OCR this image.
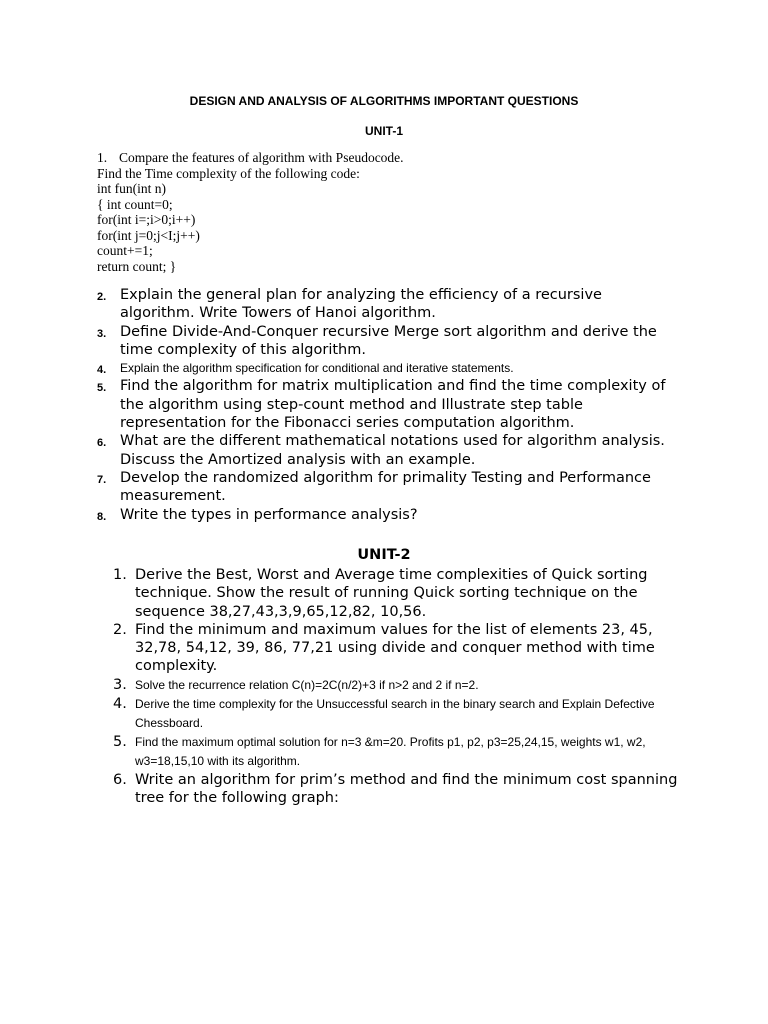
DESIGN AND ANALYSIS OF ALGORITHMS IMPORTANT QUESTIONS
UNIT-1
1. Compare the features of algorithm with Pseudocode.
Find the Time complexity of the following code:
int fun(int n)
{ int count=0;
for(int i=;i>0;i++)
for(int j=0;j<I;j++)
count+=1;
return count; }
2. Explain the general plan for analyzing the efficiency of a recursive algorithm. Write Towers of Hanoi algorithm.
3. Define Divide-And-Conquer recursive Merge sort algorithm and derive the time complexity of this algorithm.
4. Explain the algorithm specification for conditional and iterative statements.
5. Find the algorithm for matrix multiplication and find the time complexity of the algorithm using step-count method and Illustrate step table representation for the Fibonacci series computation algorithm.
6. What are the different mathematical notations used for algorithm analysis. Discuss the Amortized analysis with an example.
7. Develop the randomized algorithm for primality Testing and Performance measurement.
8. Write the types in performance analysis?
UNIT-2
1. Derive the Best, Worst and Average time complexities of Quick sorting technique. Show the result of running Quick sorting technique on the sequence 38,27,43,3,9,65,12,82, 10,56.
2. Find the minimum and maximum values for the list of elements 23, 45, 32,78, 54,12, 39, 86, 77,21 using divide and conquer method with time complexity.
3. Solve the recurrence relation C(n)=2C(n/2)+3 if n>2 and 2 if n=2.
4. Derive the time complexity for the Unsuccessful search in the binary search and Explain Defective Chessboard.
5. Find the maximum optimal solution for n=3 &m=20. Profits p1, p2, p3=25,24,15, weights w1, w2, w3=18,15,10 with its algorithm.
6. Write an algorithm for prim’s method and find the minimum cost spanning tree for the following graph:
